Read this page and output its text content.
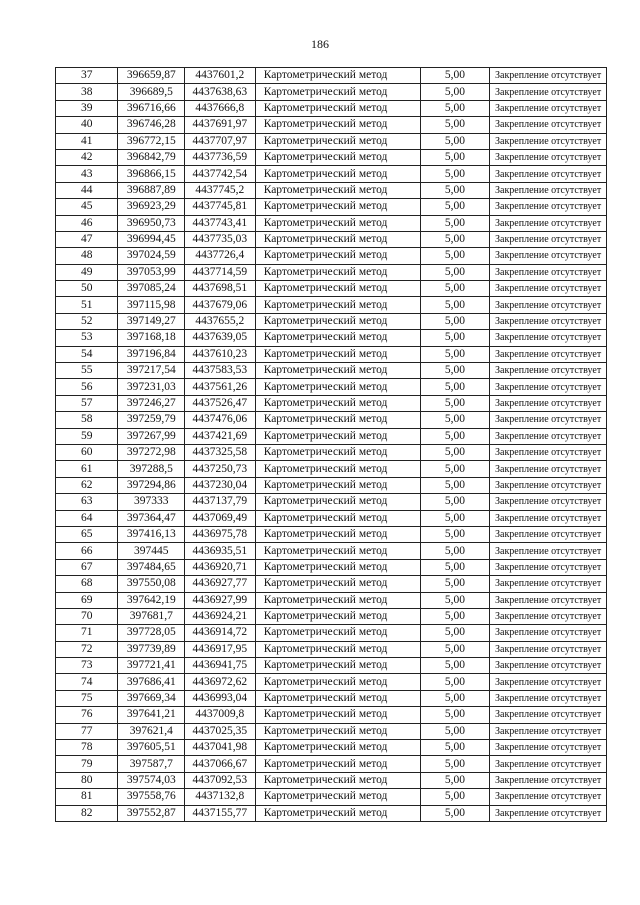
186
37	396659,87	4437601,2	Картометрический метод	5,00	Закрепление отсутствует
38	396689,5	4437638,63	Картометрический метод	5,00	Закрепление отсутствует
39	396716,66	4437666,8	Картометрический метод	5,00	Закрепление отсутствует
40	396746,28	4437691,97	Картометрический метод	5,00	Закрепление отсутствует
41	396772,15	4437707,97	Картометрический метод	5,00	Закрепление отсутствует
42	396842,79	4437736,59	Картометрический метод	5,00	Закрепление отсутствует
43	396866,15	4437742,54	Картометрический метод	5,00	Закрепление отсутствует
44	396887,89	4437745,2	Картометрический метод	5,00	Закрепление отсутствует
45	396923,29	4437745,81	Картометрический метод	5,00	Закрепление отсутствует
46	396950,73	4437743,41	Картометрический метод	5,00	Закрепление отсутствует
47	396994,45	4437735,03	Картометрический метод	5,00	Закрепление отсутствует
48	397024,59	4437726,4	Картометрический метод	5,00	Закрепление отсутствует
49	397053,99	4437714,59	Картометрический метод	5,00	Закрепление отсутствует
50	397085,24	4437698,51	Картометрический метод	5,00	Закрепление отсутствует
51	397115,98	4437679,06	Картометрический метод	5,00	Закрепление отсутствует
52	397149,27	4437655,2	Картометрический метод	5,00	Закрепление отсутствует
53	397168,18	4437639,05	Картометрический метод	5,00	Закрепление отсутствует
54	397196,84	4437610,23	Картометрический метод	5,00	Закрепление отсутствует
55	397217,54	4437583,53	Картометрический метод	5,00	Закрепление отсутствует
56	397231,03	4437561,26	Картометрический метод	5,00	Закрепление отсутствует
57	397246,27	4437526,47	Картометрический метод	5,00	Закрепление отсутствует
58	397259,79	4437476,06	Картометрический метод	5,00	Закрепление отсутствует
59	397267,99	4437421,69	Картометрический метод	5,00	Закрепление отсутствует
60	397272,98	4437325,58	Картометрический метод	5,00	Закрепление отсутствует
61	397288,5	4437250,73	Картометрический метод	5,00	Закрепление отсутствует
62	397294,86	4437230,04	Картометрический метод	5,00	Закрепление отсутствует
63	397333	4437137,79	Картометрический метод	5,00	Закрепление отсутствует
64	397364,47	4437069,49	Картометрический метод	5,00	Закрепление отсутствует
65	397416,13	4436975,78	Картометрический метод	5,00	Закрепление отсутствует
66	397445	4436935,51	Картометрический метод	5,00	Закрепление отсутствует
67	397484,65	4436920,71	Картометрический метод	5,00	Закрепление отсутствует
68	397550,08	4436927,77	Картометрический метод	5,00	Закрепление отсутствует
69	397642,19	4436927,99	Картометрический метод	5,00	Закрепление отсутствует
70	397681,7	4436924,21	Картометрический метод	5,00	Закрепление отсутствует
71	397728,05	4436914,72	Картометрический метод	5,00	Закрепление отсутствует
72	397739,89	4436917,95	Картометрический метод	5,00	Закрепление отсутствует
73	397721,41	4436941,75	Картометрический метод	5,00	Закрепление отсутствует
74	397686,41	4436972,62	Картометрический метод	5,00	Закрепление отсутствует
75	397669,34	4436993,04	Картометрический метод	5,00	Закрепление отсутствует
76	397641,21	4437009,8	Картометрический метод	5,00	Закрепление отсутствует
77	397621,4	4437025,35	Картометрический метод	5,00	Закрепление отсутствует
78	397605,51	4437041,98	Картометрический метод	5,00	Закрепление отсутствует
79	397587,7	4437066,67	Картометрический метод	5,00	Закрепление отсутствует
80	397574,03	4437092,53	Картометрический метод	5,00	Закрепление отсутствует
81	397558,76	4437132,8	Картометрический метод	5,00	Закрепление отсутствует
82	397552,87	4437155,77	Картометрический метод	5,00	Закрепление отсутствует
